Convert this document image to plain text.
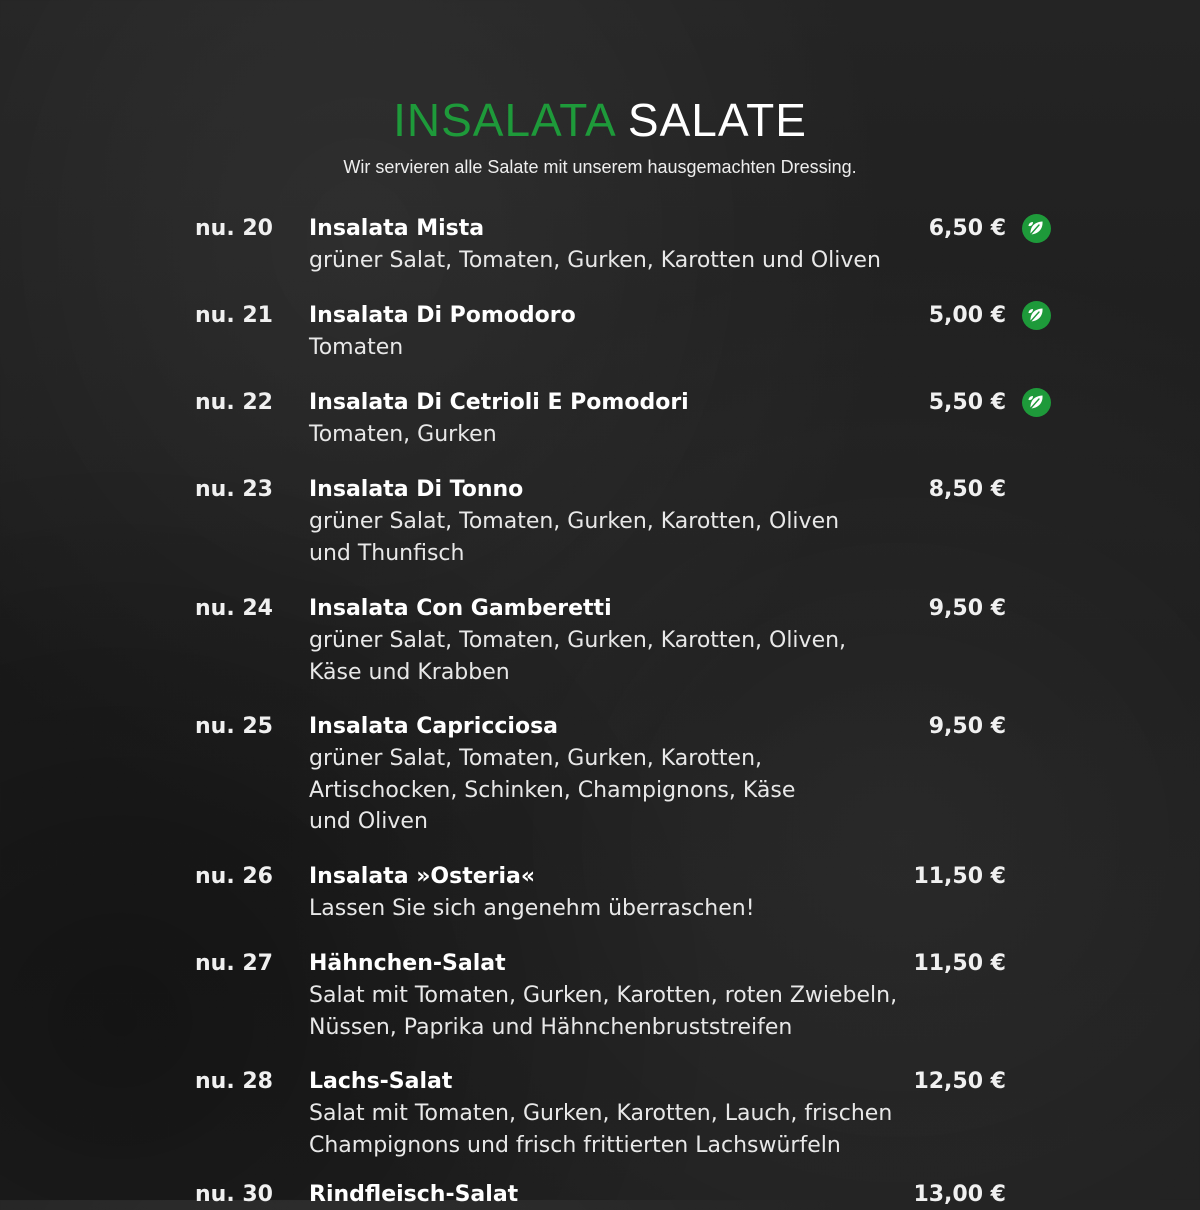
INSALATA SALATE
Wir servieren alle Salate mit unserem hausgemachten Dressing.
nu. 20 Insalata Mista
grüner Salat, Tomaten, Gurken, Karotten und Oliven
6,50 €
nu. 21 Insalata Di Pomodoro
Tomaten
5,00 €
nu. 22 Insalata Di Cetrioli E Pomodori
Tomaten, Gurken
5,50 €
nu. 23 Insalata Di Tonno
grüner Salat, Tomaten, Gurken, Karotten, Oliven
und Thunfisch
8,50 €
nu. 24 Insalata Con Gamberetti
grüner Salat, Tomaten, Gurken, Karotten, Oliven,
Käse und Krabben
9,50 €
nu. 25 Insalata Capricciosa
grüner Salat, Tomaten, Gurken, Karotten,
Artischocken, Schinken, Champignons, Käse
und Oliven
9,50 €
nu. 26 Insalata »Osteria«
Lassen Sie sich angenehm überraschen!
11,50 €
nu. 27 Hähnchen-Salat
Salat mit Tomaten, Gurken, Karotten, roten Zwiebeln,
Nüssen, Paprika und Hähnchenbruststreifen
11,50 €
nu. 28 Lachs-Salat
Salat mit Tomaten, Gurken, Karotten, Lauch, frischen
Champignons und frisch frittierten Lachswürfeln
12,50 €
nu. 30 Rindfleisch-Salat	13,00 €
